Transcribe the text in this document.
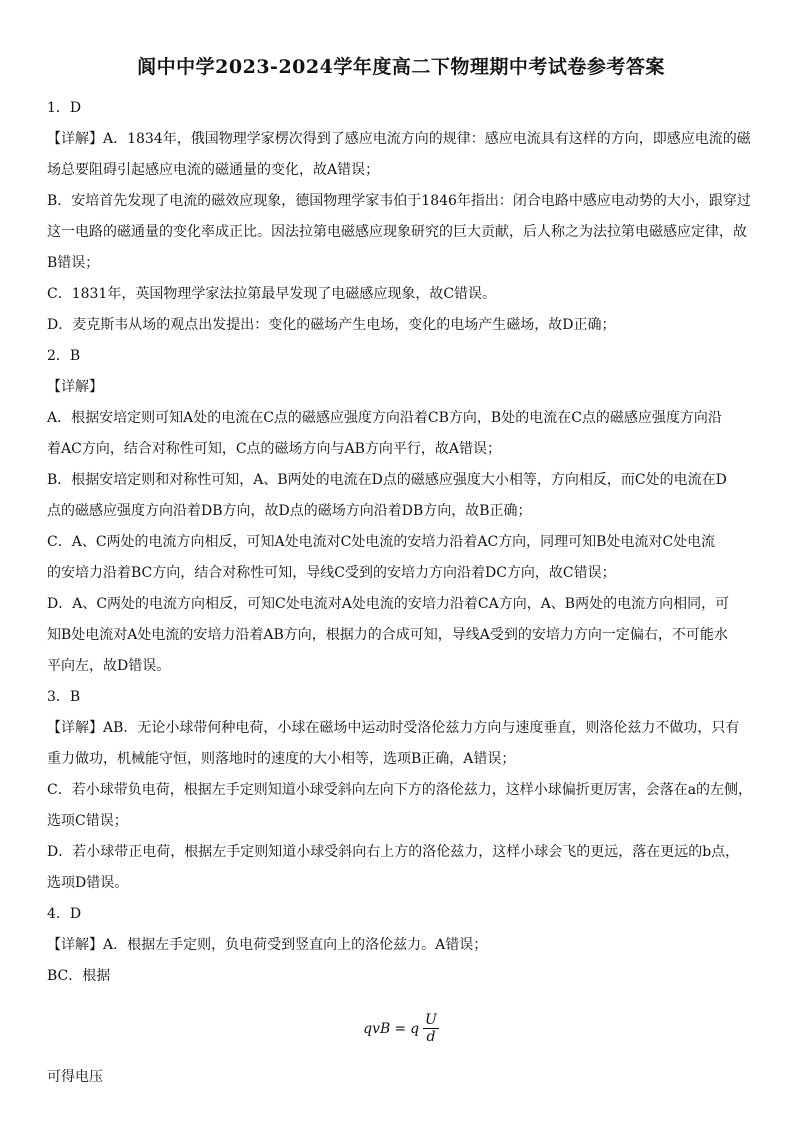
阆中中学2023-2024学年度高二下物理期中考试卷参考答案

1．D

【详解】A．1834年，俄国物理学家楞次得到了感应电流方向的规律：感应电流具有这样的方向，即感应电流的磁

场总要阻碍引起感应电流的磁通量的变化，故A错误；

B．安培首先发现了电流的磁效应现象，德国物理学家韦伯于1846年指出：闭合电路中感应电动势的大小，跟穿过

这一电路的磁通量的变化率成正比。因法拉第电磁感应现象研究的巨大贡献，后人称之为法拉第电磁感应定律，故

B错误；

C．1831年，英国物理学家法拉第最早发现了电磁感应现象，故C错误。

D．麦克斯韦从场的观点出发提出：变化的磁场产生电场，变化的电场产生磁场，故D正确；

2．B

【详解】

A．根据安培定则可知A处的电流在C点的磁感应强度方向沿着CB方向，B处的电流在C点的磁感应强度方向沿

着AC方向，结合对称性可知，C点的磁场方向与AB方向平行，故A错误；

B．根据安培定则和对称性可知，A、B两处的电流在D点的磁感应强度大小相等，方向相反，而C处的电流在D

点的磁感应强度方向沿着DB方向，故D点的磁场方向沿着DB方向，故B正确；

C．A、C两处的电流方向相反，可知A处电流对C处电流的安培力沿着AC方向，同理可知B处电流对C处电流

的安培力沿着BC方向，结合对称性可知，导线C受到的安培力方向沿着DC方向，故C错误；

D．A、C两处的电流方向相反，可知C处电流对A处电流的安培力沿着CA方向，A、B两处的电流方向相同，可

知B处电流对A处电流的安培力沿着AB方向，根据力的合成可知，导线A受到的安培力方向一定偏右，不可能水

平向左，故D错误。

3．B

【详解】AB．无论小球带何种电荷，小球在磁场中运动时受洛伦兹力方向与速度垂直，则洛伦兹力不做功，只有

重力做功，机械能守恒，则落地时的速度的大小相等，选项B正确，A错误；

C．若小球带负电荷，根据左手定则知道小球受斜向左向下方的洛伦兹力，这样小球偏折更厉害，会落在a的左侧，

选项C错误；

D．若小球带正电荷，根据左手定则知道小球受斜向右上方的洛伦兹力，这样小球会飞的更远，落在更远的b点，

选项D错误。

4．D

【详解】A．根据左手定则，负电荷受到竖直向上的洛伦兹力。A错误；

BC．根据

qvB = q $\frac{U}{d}$

可得电压
